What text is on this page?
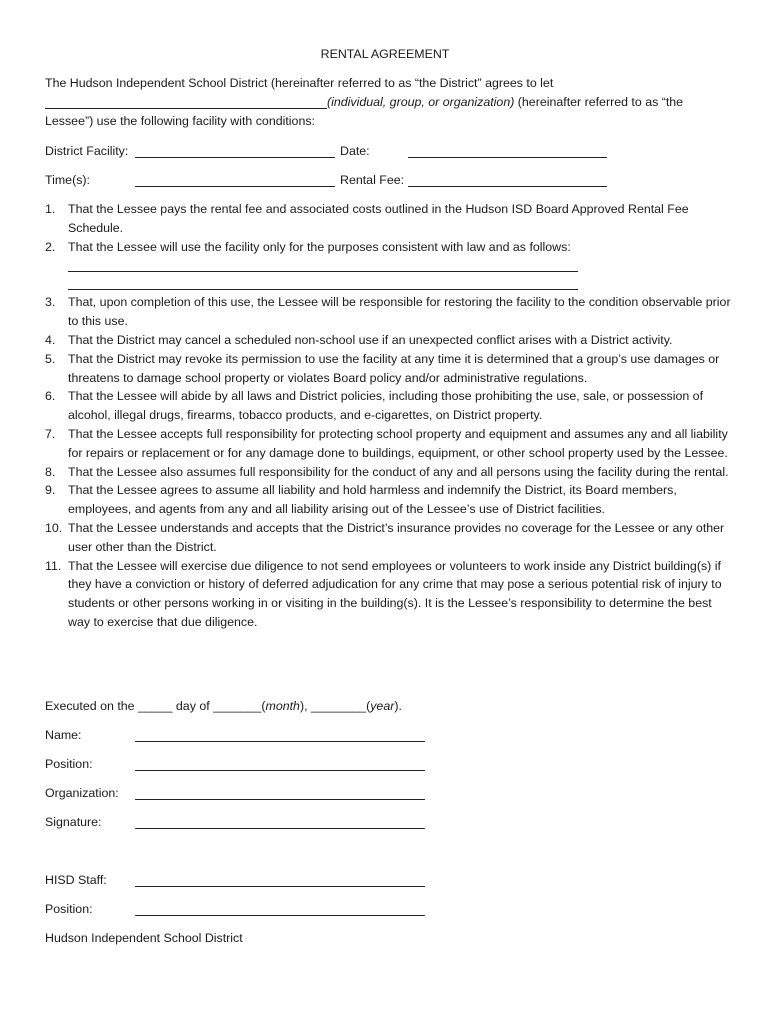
RENTAL AGREEMENT
The Hudson Independent School District (hereinafter referred to as “the District” agrees to let
(individual, group, or organization) (hereinafter referred to as “the
Lessee”) use the following facility with conditions:
District Facility:	Date:
Time(s):	Rental Fee:
1. That the Lessee pays the rental fee and associated costs outlined in the Hudson ISD Board Approved Rental Fee Schedule.
2. That the Lessee will use the facility only for the purposes consistent with law and as follows:
3. That, upon completion of this use, the Lessee will be responsible for restoring the facility to the condition observable prior to this use.
4. That the District may cancel a scheduled non-school use if an unexpected conflict arises with a District activity.
5. That the District may revoke its permission to use the facility at any time it is determined that a group’s use damages or threatens to damage school property or violates Board policy and/or administrative regulations.
6. That the Lessee will abide by all laws and District policies, including those prohibiting the use, sale, or possession of alcohol, illegal drugs, firearms, tobacco products, and e-cigarettes, on District property.
7. That the Lessee accepts full responsibility for protecting school property and equipment and assumes any and all liability for repairs or replacement or for any damage done to buildings, equipment, or other school property used by the Lessee.
8. That the Lessee also assumes full responsibility for the conduct of any and all persons using the facility during the rental.
9. That the Lessee agrees to assume all liability and hold harmless and indemnify the District, its Board members, employees, and agents from any and all liability arising out of the Lessee’s use of District facilities.
10. That the Lessee understands and accepts that the District’s insurance provides no coverage for the Lessee or any other user other than the District.
11. That the Lessee will exercise due diligence to not send employees or volunteers to work inside any District building(s) if they have a conviction or history of deferred adjudication for any crime that may pose a serious potential risk of injury to students or other persons working in or visiting in the building(s). It is the Lessee’s responsibility to determine the best way to exercise that due diligence.
Executed on the _____ day of _______(month), ________(year).
Name:
Position:
Organization:
Signature:
HISD Staff:
Position:
Hudson Independent School District
